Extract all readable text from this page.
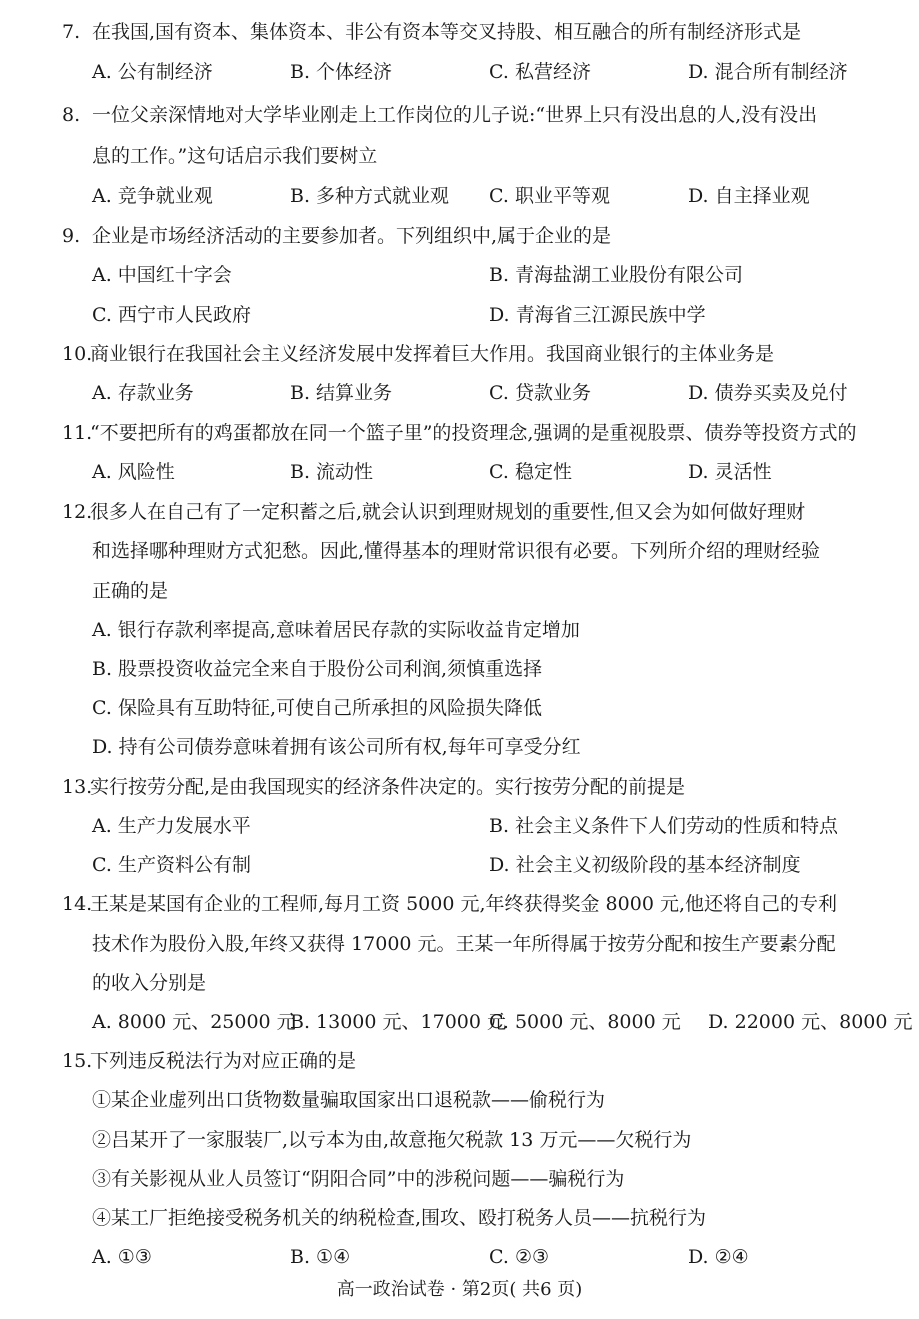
7. 在我国,国有资本、集体资本、非公有资本等交叉持股、相互融合的所有制经济形式是
A. 公有制经济	B. 个体经济	C. 私营经济	D. 混合所有制经济
8. 一位父亲深情地对大学毕业刚走上工作岗位的儿子说:“世界上只有没出息的人,没有没出
息的工作。”这句话启示我们要树立
A. 竞争就业观	B. 多种方式就业观 C. 职业平等观	D. 自主择业观
9. 企业是市场经济活动的主要参加者。下列组织中,属于企业的是
A. 中国红十字会	B. 青海盐湖工业股份有限公司
C. 西宁市人民政府	D. 青海省三江源民族中学
10.
商业银行在我国社会主义经济发展中发挥着巨大作用。我国商业银行的主体业务是
A. 存款业务	B. 结算业务	C. 贷款业务	D. 债券买卖及兑付
11.
“不要把所有的鸡蛋都放在同一个篮子里”的投资理念,强调的是重视股票、债券等投资方式的
A. 风险性	B. 流动性	C. 稳定性	D. 灵活性
12.
很多人在自己有了一定积蓄之后,就会认识到理财规划的重要性,但又会为如何做好理财
和选择哪种理财方式犯愁。因此,懂得基本的理财常识很有必要。下列所介绍的理财经验
正确的是
A. 银行存款利率提高,意味着居民存款的实际收益肯定增加
B. 股票投资收益完全来自于股份公司利润,须慎重选择
C. 保险具有互助特征,可使自己所承担的风险损失降低
D. 持有公司债券意味着拥有该公司所有权,每年可享受分红
13.
实行按劳分配,是由我国现实的经济条件决定的。实行按劳分配的前提是
A. 生产力发展水平	B. 社会主义条件下人们劳动的性质和特点
C. 生产资料公有制	D. 社会主义初级阶段的基本经济制度
14.
王某是某国有企业的工程师,每月工资 5000 元,年终获得奖金 8000 元,他还将自己的专利
技术作为股份入股,年终又获得 17000 元。王某一年所得属于按劳分配和按生产要素分配
的收入分别是
A. 8000 元、25000 元
B. 13000 元、17000 元
C. 5000 元、8000 元 D. 22000 元、8000 元
15.
下列违反税法行为对应正确的是
①某企业虚列出口货物数量骗取国家出口退税款——偷税行为
②吕某开了一家服装厂,以亏本为由,故意拖欠税款 13 万元——欠税行为
③有关影视从业人员签订“阴阳合同”中的涉税问题——骗税行为
④某工厂拒绝接受税务机关的纳税检查,围攻、殴打税务人员——抗税行为
A. ①③	B. ①④	C. ②③	D. ②④
高一政治试卷 · 第2页( 共6 页)
